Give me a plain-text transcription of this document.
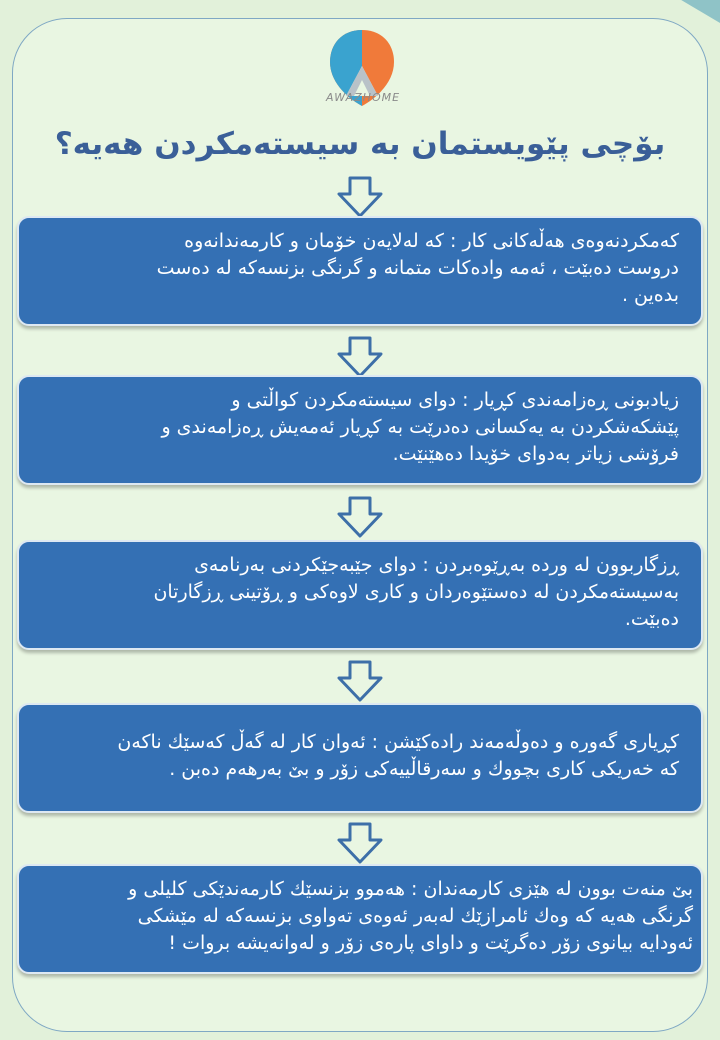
AWAZHOME
بۆچی پێویستمان بە سیستەمکردن هەیە؟
کەمکردنەوەی هەڵەکانی کار : کە لەلایەن خۆمان و کارمەندانەوە
دروست دەبێت ، ئەمە وادەکات متمانە و گرنگی بزنسەکە لە دەست
بدەین .
زیادبونی ڕەزامەندی کڕیار : دوای سیستەمکردن کواڵتی و
پێشکەشکردن بە یەکسانی دەدرێت بە کڕیار ئەمەیش ڕەزامەندی و
فرۆشی زیاتر بەدوای خۆیدا دەهێنێت.
ڕزگاربوون لە وردە بەڕێوەبردن : دوای جێبەجێکردنی بەرنامەی
بەسیستەمکردن لە دەستێوەردان و کاری لاوەکی و ڕۆتینی ڕزگارتان
دەبێت.
کڕیاری گەورە و دەوڵەمەند رادەکێشن : ئەوان کار لە گەڵ کەسێك ناکەن
کە خەریکی کاری بچووك و سەرقاڵییەکی زۆر و بێ بەرهەم دەبن .
بێ منەت بوون لە هێزی کارمەندان : هەموو بزنسێك کارمەندێکی کلیلی و
گرنگی هەیە کە وەك ئامرازێك لەبەر ئەوەی تەواوی بزنسەکە لە مێشکی
ئەودایە بیانوی زۆر دەگرێت و داوای پارەی زۆر و لەوانەیشە بروات !
